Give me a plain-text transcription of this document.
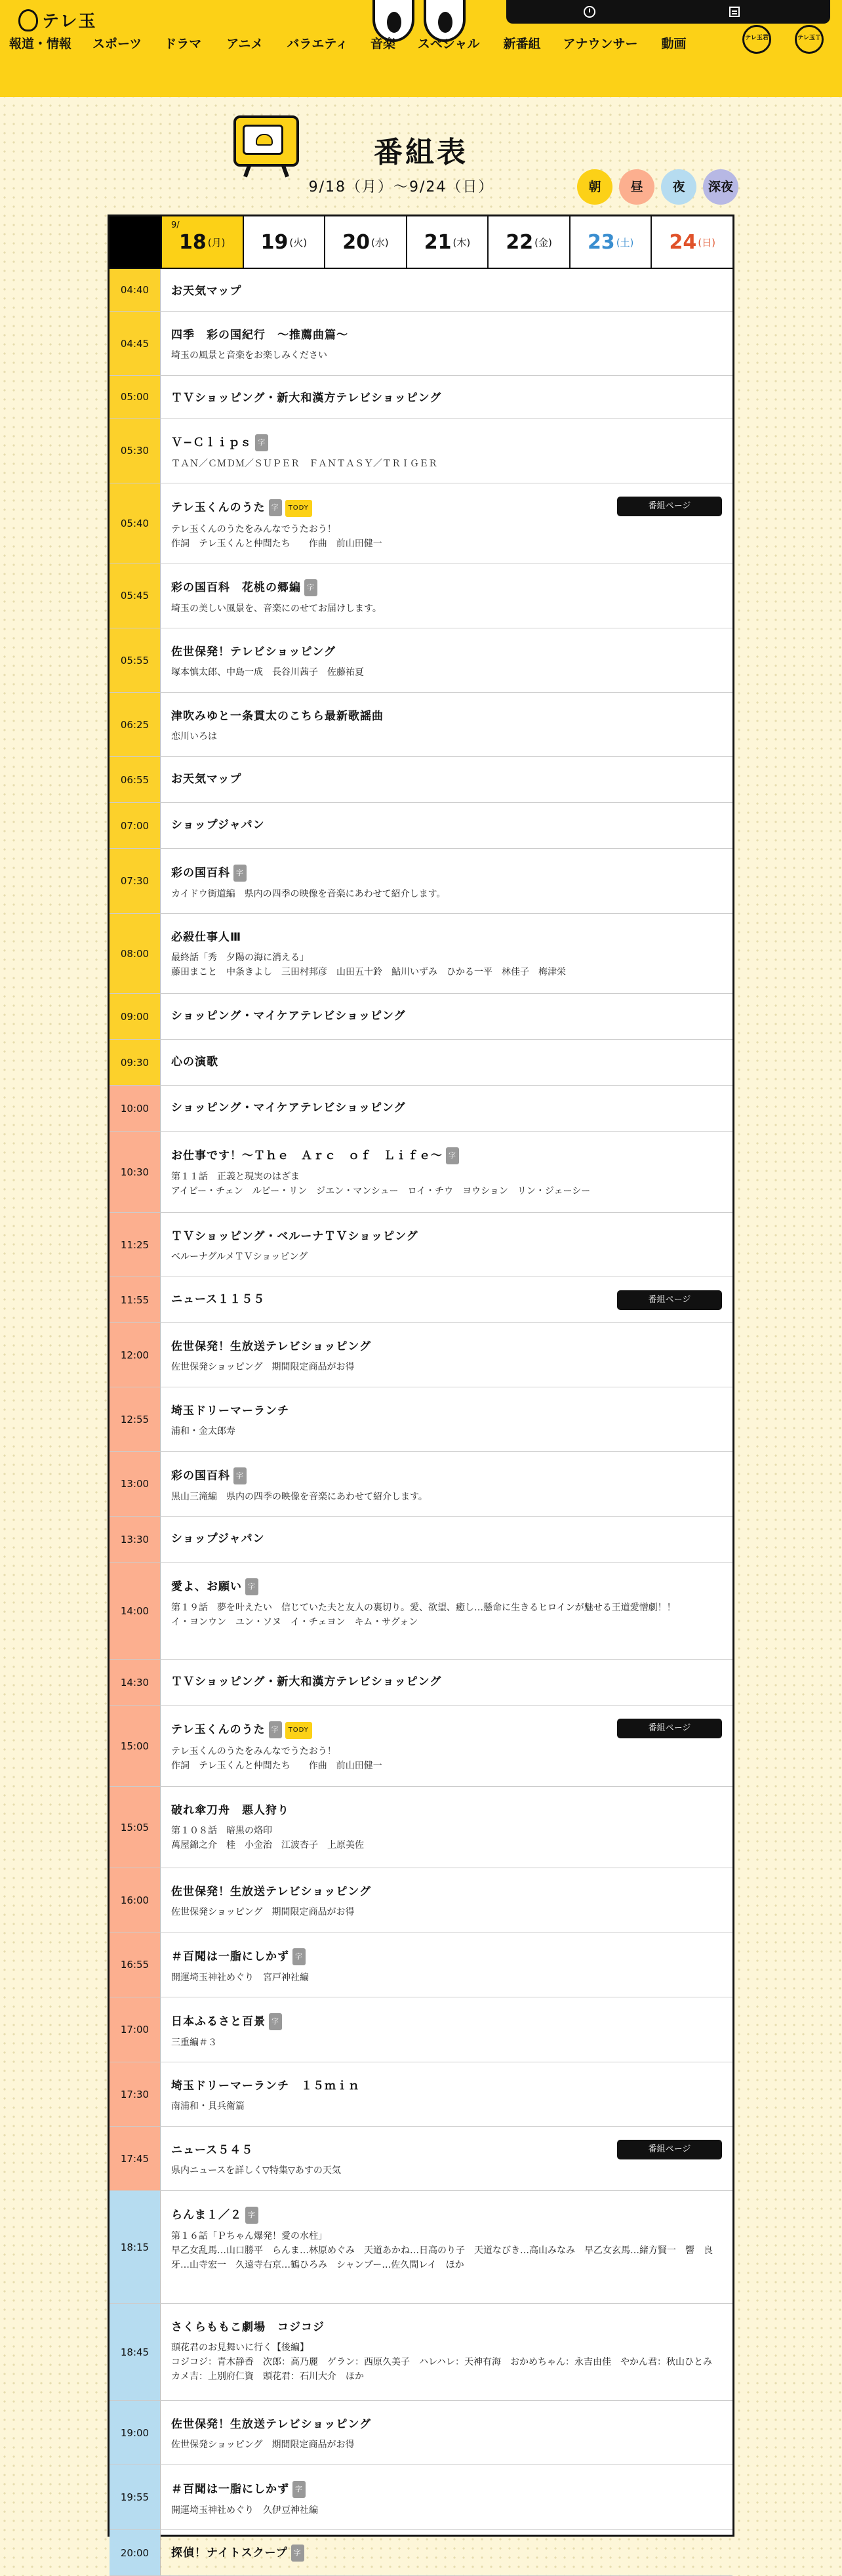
テレ玉
報道・情報 スポーツ ドラマ アニメ バラエティ 音楽 スペシャル 新番組 アナウンサー 動画	テレ玉君	テレ玉Ｔ
番組表
9/18（月）〜9/24（日）	朝	昼	夜	深夜
9/
18 (月) 19 (火) 20 (水) 21 (木) 22 (金) 23 (土) 24 (日)
04:40	お天気マップ
04:45
四季　彩の国紀行　〜推薦曲篇〜
埼玉の風景と音楽をお楽しみください
05:00	ＴＶショッピング・新大和漢方テレビショッピング
05:30
Ｖ−Ｃｌｉｐｓ 字
ＴＡＮ／ＣＭＤＭ／ＳＵＰＥＲ　ＦＡＮＴＡＳＹ／ＴＲＩＧＥＲ
05:40
テレ玉くんのうた 字 TODY
テレ玉くんのうたをみんなでうたおう！
作詞　テレ玉くんと仲間たち　　作曲　前山田健一
番組ページ
05:45
彩の国百科　花桃の郷編 字
埼玉の美しい風景を、音楽にのせてお届けします。
05:55
佐世保発！テレビショッピング
塚本慎太郎、中島一成　長谷川茜子　佐藤祐夏
06:25
津吹みゆと一条貫太のこちら最新歌謡曲
恋川いろは
06:55	お天気マップ
07:00	ショップジャパン
07:30
彩の国百科 字
カイドウ街道編　県内の四季の映像を音楽にあわせて紹介します。
08:00
必殺仕事人Ⅲ
最終話「秀　夕陽の海に消える」
藤田まこと　中条きよし　三田村邦彦　山田五十鈴　鮎川いずみ　ひかる一平　林佳子　梅津栄
09:00	ショッピング・マイケアテレビショッピング
09:30	心の演歌
10:00	ショッピング・マイケアテレビショッピング
10:30
お仕事です！〜Ｔｈｅ　Ａｒｃ　ｏｆ　Ｌｉｆｅ〜 字
第１１話　正義と現実のはざま
アイビー・チェン　ルビー・リン　ジエン・マンシュー　ロイ・チウ　ヨウション　リン・ジェーシー
11:25
ＴＶショッピング・ベルーナＴＶショッピング
ベルーナグルメＴＶショッピング
11:55	ニュース１１５５	番組ページ
12:00
佐世保発！生放送テレビショッピング
佐世保発ショッピング　期間限定商品がお得
12:55
埼玉ドリーマーランチ
浦和・金太郎寿
13:00
彩の国百科 字
黒山三滝編　県内の四季の映像を音楽にあわせて紹介します。
13:30	ショップジャパン
14:00
愛よ、お願い 字
第１９話　夢を叶えたい　信じていた夫と友人の裏切り。愛、欲望、癒し…懸命に生きるヒロインが魅せる王道愛憎劇！！
イ・ヨンウン　ユン・ソヌ　イ・チェヨン　キム・サグォン
14:30	ＴＶショッピング・新大和漢方テレビショッピング
15:00
テレ玉くんのうた 字 TODY
テレ玉くんのうたをみんなでうたおう！
作詞　テレ玉くんと仲間たち　　作曲　前山田健一
番組ページ
15:05
破れ傘刀舟　悪人狩り
第１０８話　暗黒の烙印
萬屋錦之介　桂　小金治　江波杏子　上原美佐
16:00
佐世保発！生放送テレビショッピング
佐世保発ショッピング　期間限定商品がお得
16:55
＃百聞は一脂にしかず 字
開運埼玉神社めぐり　宮戸神社編
17:00
日本ふるさと百景 字
三重編＃３
17:30
埼玉ドリーマーランチ　１５ｍｉｎ
南浦和・貝兵衛篇
17:45
ニュース５４５
県内ニュースを詳しく▽特集▽あすの天気
番組ページ
18:15
らんま１／２ 字
第１６話「Ｐちゃん爆発！愛の水柱」
早乙女乱馬…山口勝平　らんま…林原めぐみ　天道あかね…日高のり子　天道なびき…高山みなみ　早乙女玄馬…緒方賢一　響　良牙…山寺宏一　久遠寺右京…鶴ひろみ　シャンプー…佐久間レイ　ほか
18:45
さくらももこ劇場　コジコジ
頭花君のお見舞いに行く【後編】
コジコジ：青木静香　次郎：高乃麗　ゲラン：西原久美子　ハレハレ：天神有海　おかめちゃん：永吉由佳　やかん君：秋山ひとみ　カメ吉：上別府仁資　頭花君：石川大介　ほか
19:00
佐世保発！生放送テレビショッピング
佐世保発ショッピング　期間限定商品がお得
19:55
＃百聞は一脂にしかず 字
開運埼玉神社めぐり　久伊豆神社編
20:00	探偵！ナイトスクープ 字
